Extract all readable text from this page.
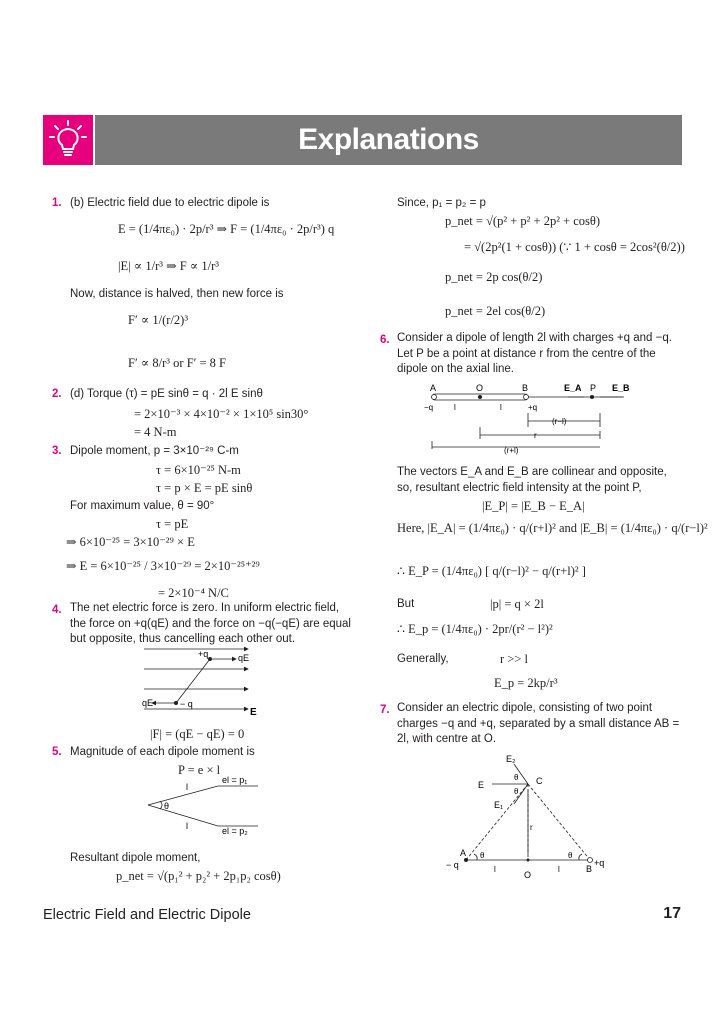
Explanations
1. (b) Electric field due to electric dipole is
E = (1/4πε₀) · 2p/r³ ⇒ F = (1/4πε₀ · 2p/r³) q
|E| ∝ 1/r³ ⇒ F ∝ 1/r³
Now, distance is halved, then new force is
F′ ∝ 1/(r/2)³
F′ ∝ 8/r³ or F′ = 8 F
2. (d) Torque (τ) = pE sinθ = q · 2l E sinθ
= 2×10⁻³ × 4×10⁻² × 1×10⁵ sin30°
= 4 N-m
3. Dipole moment, p = 3×10⁻²⁹ C-m
τ = 6×10⁻²⁵ N-m
τ = p × E = pE sinθ
For maximum value, θ = 90°
τ = pE
⇒ 6×10⁻²⁵ = 3×10⁻²⁹ × E
⇒ E = 6×10⁻²⁵ / 3×10⁻²⁹ = 2×10⁻²⁵⁺²⁹
= 2×10⁻⁴ N/C
4. The net electric force is zero. In uniform electric field, the force on +q(qE) and the force on −q(−qE) are equal but opposite, thus cancelling each other out.
+q	qE
qE	− q
E
|F| = (qE − qE) = 0
5. Magnitude of each dipole moment is
P = e × l
θ
l
l
el = p₁
el = p₂
Resultant dipole moment,
p_net = √(p₁² + p₂² + 2p₁p₂ cosθ)
Since, p₁ = p₂ = p
p_net = √(p² + p² + 2p² + cosθ)
= √(2p²(1 + cosθ)) (∵ 1 + cosθ = 2cos²(θ/2))
p_net = 2p cos(θ/2)
p_net = 2el cos(θ/2)
6. Consider a dipole of length 2l with charges +q and −q. Let P be a point at distance r from the centre of the dipole on the axial line.
A	O	B	E_A P E_B
−q	+q
l	l
(r−l)
r
(r+l)
The vectors E_A and E_B are collinear and opposite, so, resultant electric field intensity at the point P,
|E_P| = |E_B − E_A|
Here, |E_A| = (1/4πε₀) · q/(r+l)² and |E_B| = (1/4πε₀) · q/(r−l)²
∴ E_P = (1/4πε₀) [ q/(r−l)² − q/(r+l)² ]
But	|p| = q × 2l
∴ E_p = (1/4πε₀) · 2pr/(r² − l²)²
Generally,	r >> l
E_p = 2kp/r³
7. Consider an electric dipole, consisting of two point charges −q and +q, separated by a small distance AB = 2l, with centre at O.
E₂
E	C
E₁
θ
θ
θ	θ
r
A
B
O
− q	+q
l	l
Electric Field and Electric Dipole	17
